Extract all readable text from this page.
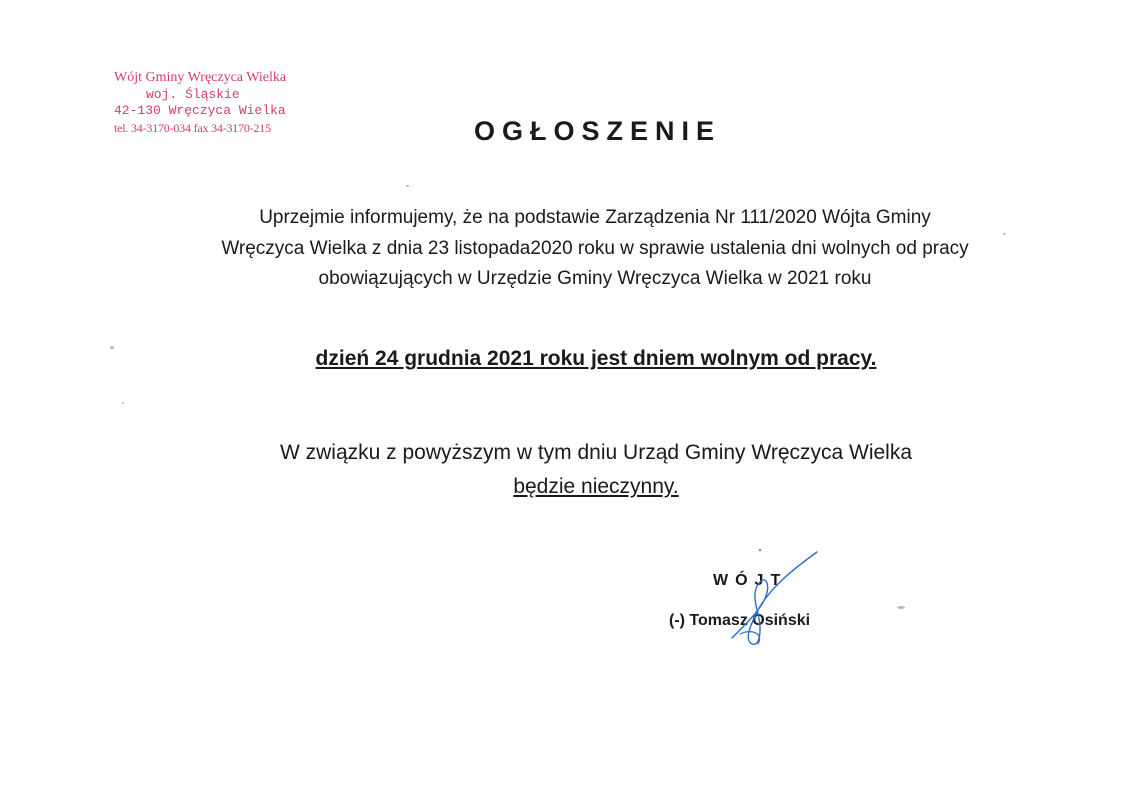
Wójt Gminy Wręczyca Wielka
woj. Śląskie
42-130 Wręczyca Wielka
tel. 34-3170-034 fax 34-3170-215	OGŁOSZENIE
Uprzejmie informujemy, że na podstawie Zarządzenia Nr 111/2020 Wójta Gminy
Wręczyca Wielka z dnia 23 listopada2020 roku w sprawie ustalenia dni wolnych od pracy
obowiązujących w Urzędzie Gminy Wręczyca Wielka w 2021 roku
dzień 24 grudnia 2021 roku jest dniem wolnym od pracy.
W związku z powyższym w tym dniu Urząd Gminy Wręczyca Wielka
będzie nieczynny.
WÓJT
(-) Tomasz Osiński
